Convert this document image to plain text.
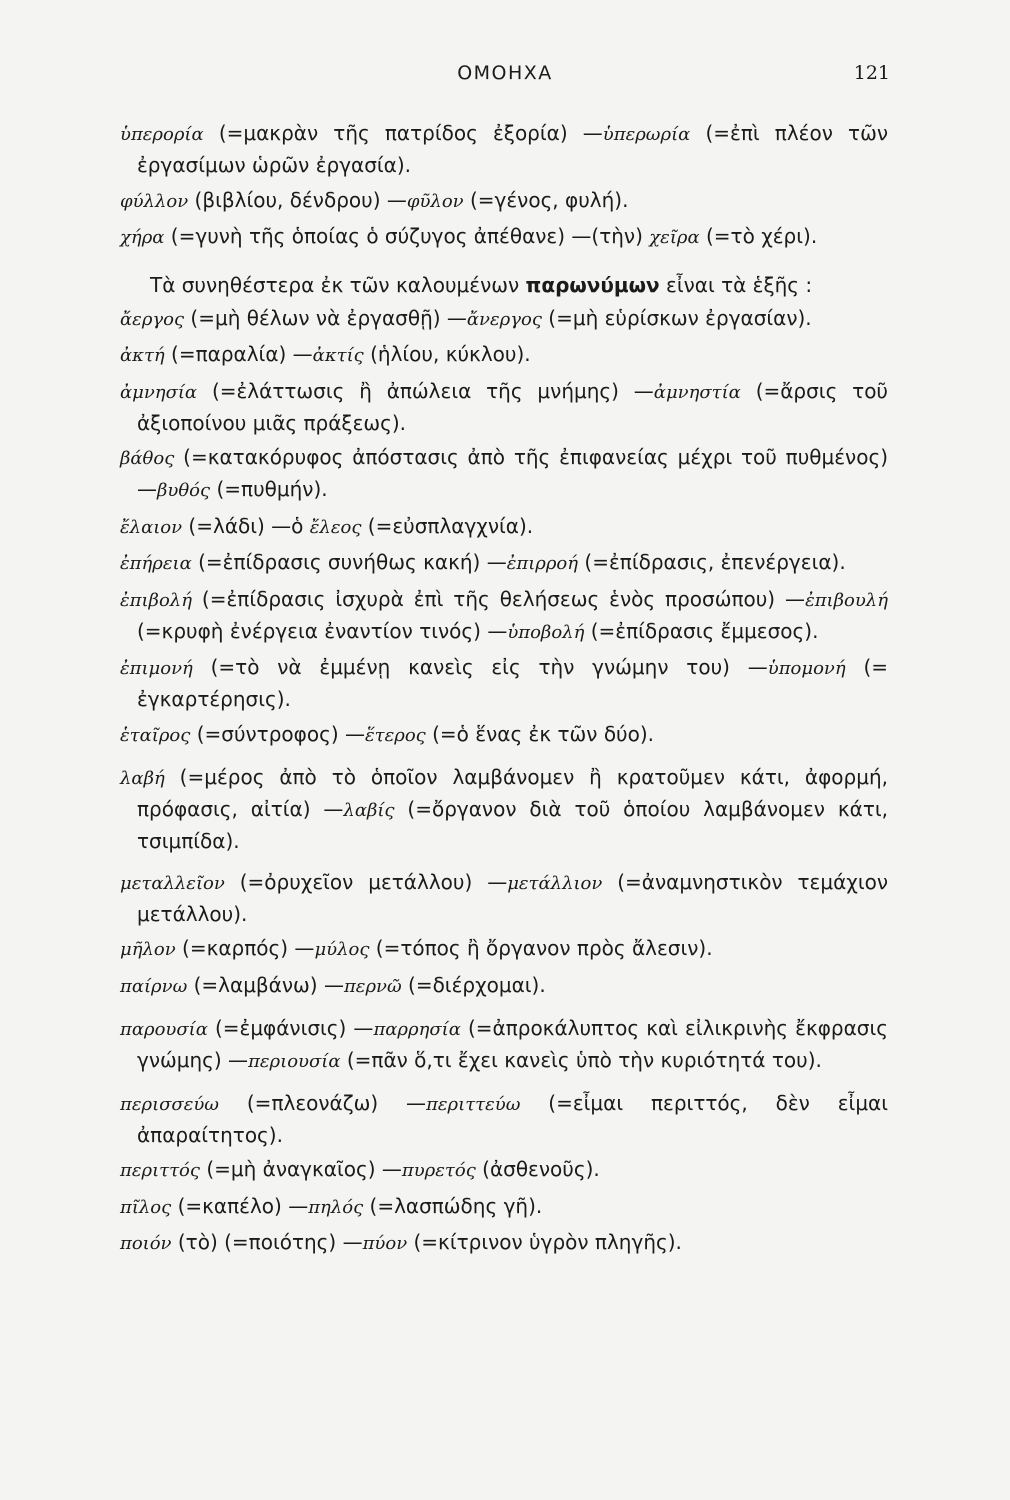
ΟΜΟΗΧΑ	121

ὑπερορία (=μακρὰν τῆς πατρίδος ἐξορία) —ὑπερωρία (=ἐπὶ πλέον τῶν ἐργασίμων ὡρῶν ἐργασία).

φύλλον (βιβλίου, δένδρου) —φῦλον (=γένος, φυλή).

χήρα (=γυνὴ τῆς ὁποίας ὁ σύζυγος ἀπέθανε) —(τὴν) χεῖρα (=τὸ χέρι).

Τὰ συνηθέστερα ἐκ τῶν καλουμένων παρωνύμων εἶναι τὰ ἑξῆς :

ἄεργος (=μὴ θέλων νὰ ἐργασθῇ) —ἄνεργος (=μὴ εὑρίσκων ἐργασίαν).

ἀκτή (=παραλία) —ἀκτίς (ἡλίου, κύκλου).

ἀμνησία (=ἐλάττωσις ἢ ἀπώλεια τῆς μνήμης) —ἀμνηστία (=ἄρσις τοῦ ἀξιοποίνου μιᾶς πράξεως).

βάθος (=κατακόρυφος ἀπόστασις ἀπὸ τῆς ἐπιφανείας μέχρι τοῦ πυθμένος) —βυθός (=πυθμήν).

ἔλαιον (=λάδι) —ὁ ἔλεος (=εὐσπλαγχνία).

ἐπήρεια (=ἐπίδρασις συνήθως κακή) —ἐπιρροή (=ἐπίδρασις, ἐπενέργεια).

ἐπιβολή (=ἐπίδρασις ἰσχυρὰ ἐπὶ τῆς θελήσεως ἑνὸς προσώπου) —ἐπιβουλή (=κρυφὴ ἐνέργεια ἐναντίον τινός) —ὑποβολή (=ἐπίδρασις ἔμμεσος).

ἐπιμονή (=τὸ νὰ ἐμμένῃ κανεὶς εἰς τὴν γνώμην του) —ὑπομονή (= ἐγκαρτέρησις).

ἑταῖρος (=σύντροφος) —ἕτερος (=ὁ ἕνας ἐκ τῶν δύο).

λαβή (=μέρος ἀπὸ τὸ ὁποῖον λαμβάνομεν ἢ κρατοῦμεν κάτι, ἀφορμή, πρόφασις, αἰτία) —λαβίς (=ὄργανον διὰ τοῦ ὁποίου λαμβάνομεν κάτι, τσιμπίδα).

μεταλλεῖον (=ὀρυχεῖον μετάλλου) —μετάλλιον (=ἀναμνηστικὸν τεμάχιον μετάλλου).

μῆλον (=καρπός) —μύλος (=τόπος ἢ ὄργανον πρὸς ἄλεσιν).

παίρνω (=λαμβάνω) —περνῶ (=διέρχομαι).

παρουσία (=ἐμφάνισις) —παρρησία (=ἀπροκάλυπτος καὶ εἰλικρινὴς ἔκφρασις γνώμης) —περιουσία (=πᾶν ὅ,τι ἔχει κανεὶς ὑπὸ τὴν κυριότητά του).

περισσεύω (=πλεονάζω) —περιττεύω (=εἶμαι περιττός, δὲν εἶμαι ἀπαραίτητος).

περιττός (=μὴ ἀναγκαῖος) —πυρετός (ἀσθενοῦς).

πῖλος (=καπέλο) —πηλός (=λασπώδης γῆ).

ποιόν (τὸ) (=ποιότης) —πύον (=κίτρινον ὑγρὸν πληγῆς).
